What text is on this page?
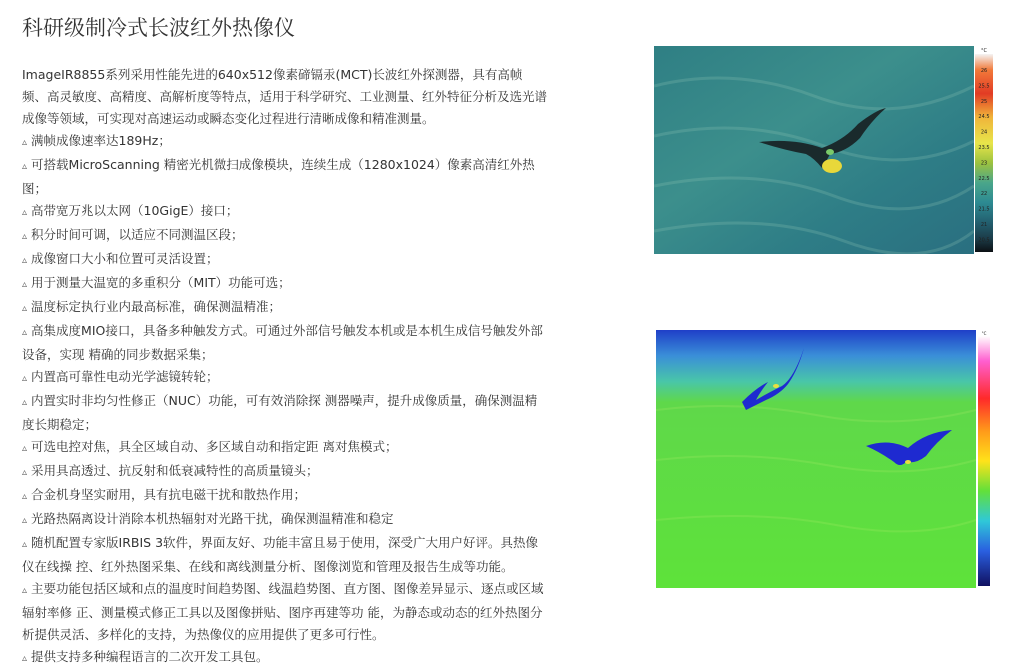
科研级制冷式长波红外热像仪

ImageIR8855系列采用性能先进的640x512像素碲镉汞(MCT)长波红外探测器，具有高帧频、高灵敏度、高精度、高解析度等特点，适用于科学研究、工业测量、红外特征分析及选光谱成像等领域，可实现对高速运动或瞬态变化过程进行清晰成像和精准测量。

▵ 满帧成像速率达189Hz；

▵ 可搭载MicroScanning 精密光机微扫成像模块，连续生成（1280x1024）像素高清红外热图；

▵ 高带宽万兆以太网（10GigE）接口；

▵ 积分时间可调，以适应不同测温区段；

▵ 成像窗口大小和位置可灵活设置；

▵ 用于测量大温宽的多重积分（MIT）功能可选；

▵ 温度标定执行业内最高标准，确保测温精准；

▵ 高集成度MIO接口，具备多种触发方式。可通过外部信号触发本机或是本机生成信号触发外部设备，实现 精确的同步数据采集；

▵ 内置高可靠性电动光学滤镜转轮；

▵ 内置实时非均匀性修正（NUC）功能，可有效消除探 测器噪声，提升成像质量，确保测温精度长期稳定；

▵ 可选电控对焦，具全区域自动、多区域自动和指定距 离对焦模式；

▵ 采用具高透过、抗反射和低衰减特性的高质量镜头；

▵ 合金机身坚实耐用，具有抗电磁干扰和散热作用；

▵ 光路热隔离设计消除本机热辐射对光路干扰，确保测温精准和稳定

▵ 随机配置专家版IRBIS 3软件，界面友好、功能丰富且易于使用，深受广大用户好评。具热像仪在线操 控、红外热图采集、在线和离线测量分析、图像浏览和管理及报告生成等功能。

▵ 主要功能包括区域和点的温度时间趋势图、线温趋势图、直方图、图像差异显示、逐点或区域辐射率修 正、测量模式修正工具以及图像拼贴、图序再建等功 能，为静态或动态的红外热图分析提供灵活、多样化的支持，为热像仪的应用提供了更多可行性。

▵ 提供支持多种编程语言的二次开发工具包。

°C
26
25.5
25
24.5
24
23.5
23
22.5
22
21.5
21
20.5
°C
